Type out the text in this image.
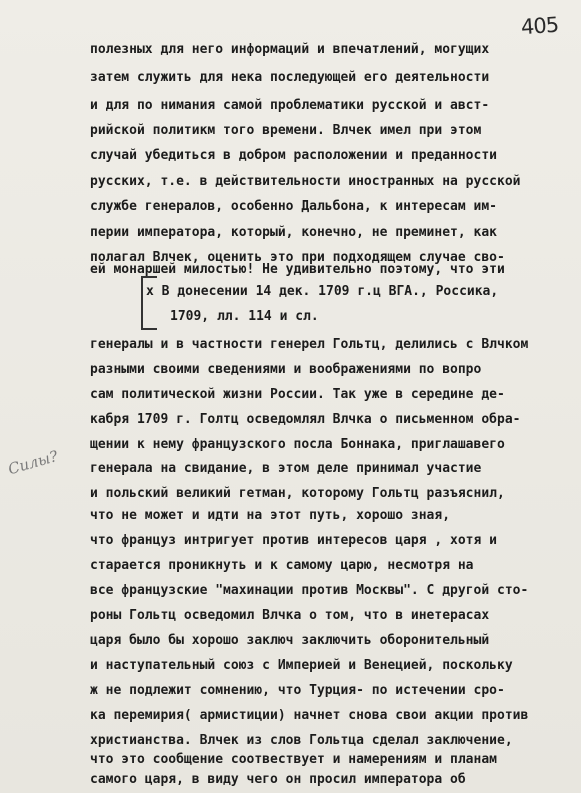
405
полезных для него информаций и впечатлений, могущих
затем служить для нека последующей его деятельности
и для по нимания самой проблематики русской и авст-
рийской политикм того времени. Влчек имел при этом
случай убедиться в добром расположении и преданности
русских, т.е. в действительности иностранных на русской
службе генералов, особенно Дальбона, к интересам им-
перии императора, который, конечно, не преминет, как
полагал Влчек, оценить это при подходящем случае сво-
ей монаршей милостью! Не удивительно поэтому, что эти
x В донесении 14 дек. 1709 г.ц ВГА., Россика,
1709, лл. 114 и сл.
генералы и в частности генерел Гольтц, делились с Влчком
разными своими сведениями и воображениями по вопро
сам политической жизни России. Так уже в середине де-
кабря 1709 г. Голтц осведомлял Влчка о письменном обра-
щении к нему французского посла Боннака, приглашавего
генерала на свидание, в этом деле принимал участие
и польский великий гетман, которому Гольтц разъяснил,
что не может и идти на этот путь, хорошо зная,
что француз интригует против интересов царя , хотя и
старается проникнуть и к самому царю, несмотря на
все французские "махинации против Москвы". С другой сто-
роны Гольтц осведомил Влчка о том, что в инетерасах
царя было бы хорошо заключ заключить оборонительный
и наступательный союз с Империей и Венецией, поскольку
ж не подлежит сомнению, что Турция- по истечении сро-
ка перемирия( армистиции) начнет снова свои акции против
христианства. Влчек из слов Гольтца сделал заключение,
что это сообщение соотвествует и намерениям и планам
самого царя, в виду чего он просил императора об
Силы?
